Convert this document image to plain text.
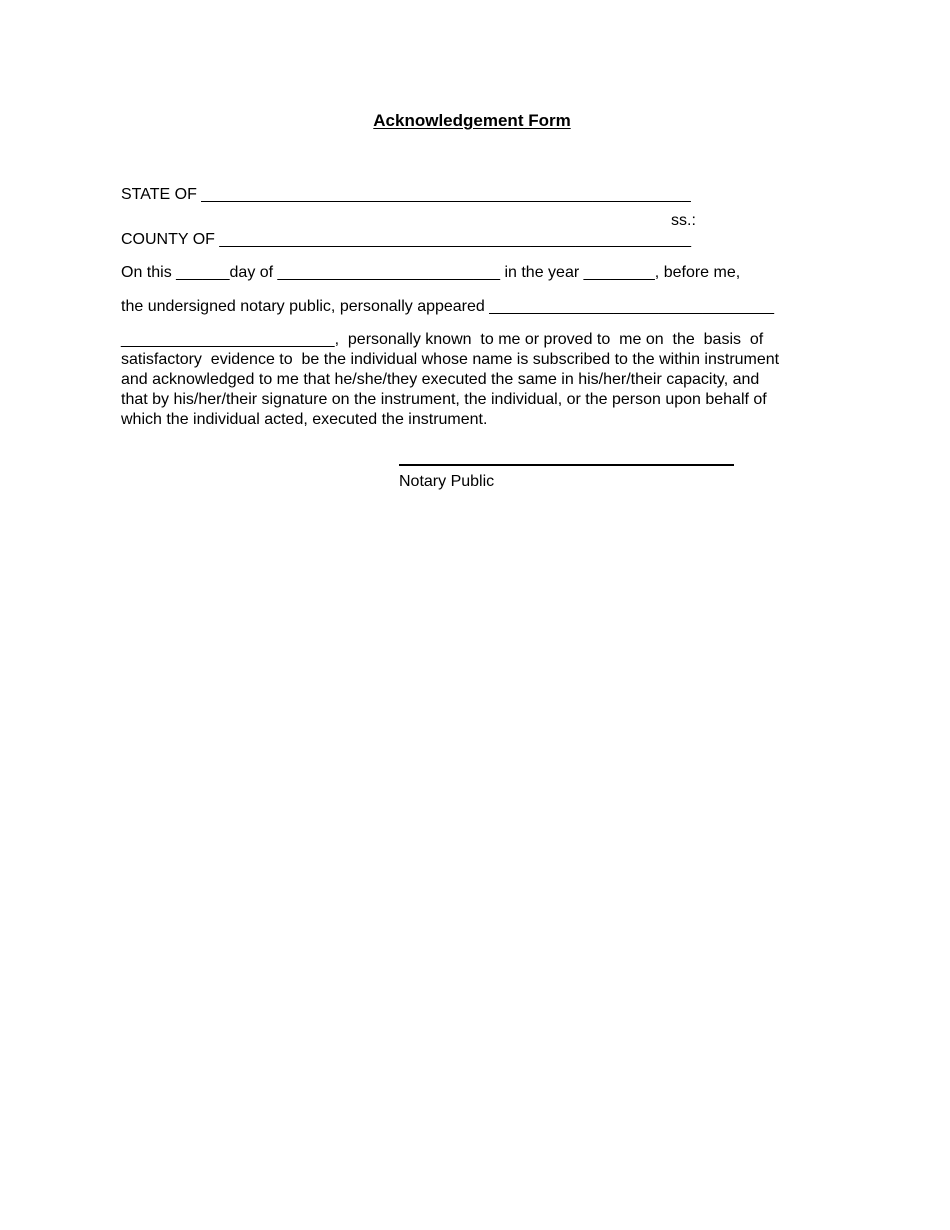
Acknowledgement Form
STATE OF _______________________________________________________
ss.:
COUNTY OF _____________________________________________________
On this ______day of _________________________ in the year ________, before me,
the undersigned notary public, personally appeared ________________________________
________________________,  personally known  to me or proved to  me on  the  basis  of
satisfactory  evidence to  be the individual whose name is subscribed to the within instrument
and acknowledged to me that he/she/they executed the same in his/her/their capacity, and
that by his/her/their signature on the instrument, the individual, or the person upon behalf of
which the individual acted, executed the instrument.
Notary Public
